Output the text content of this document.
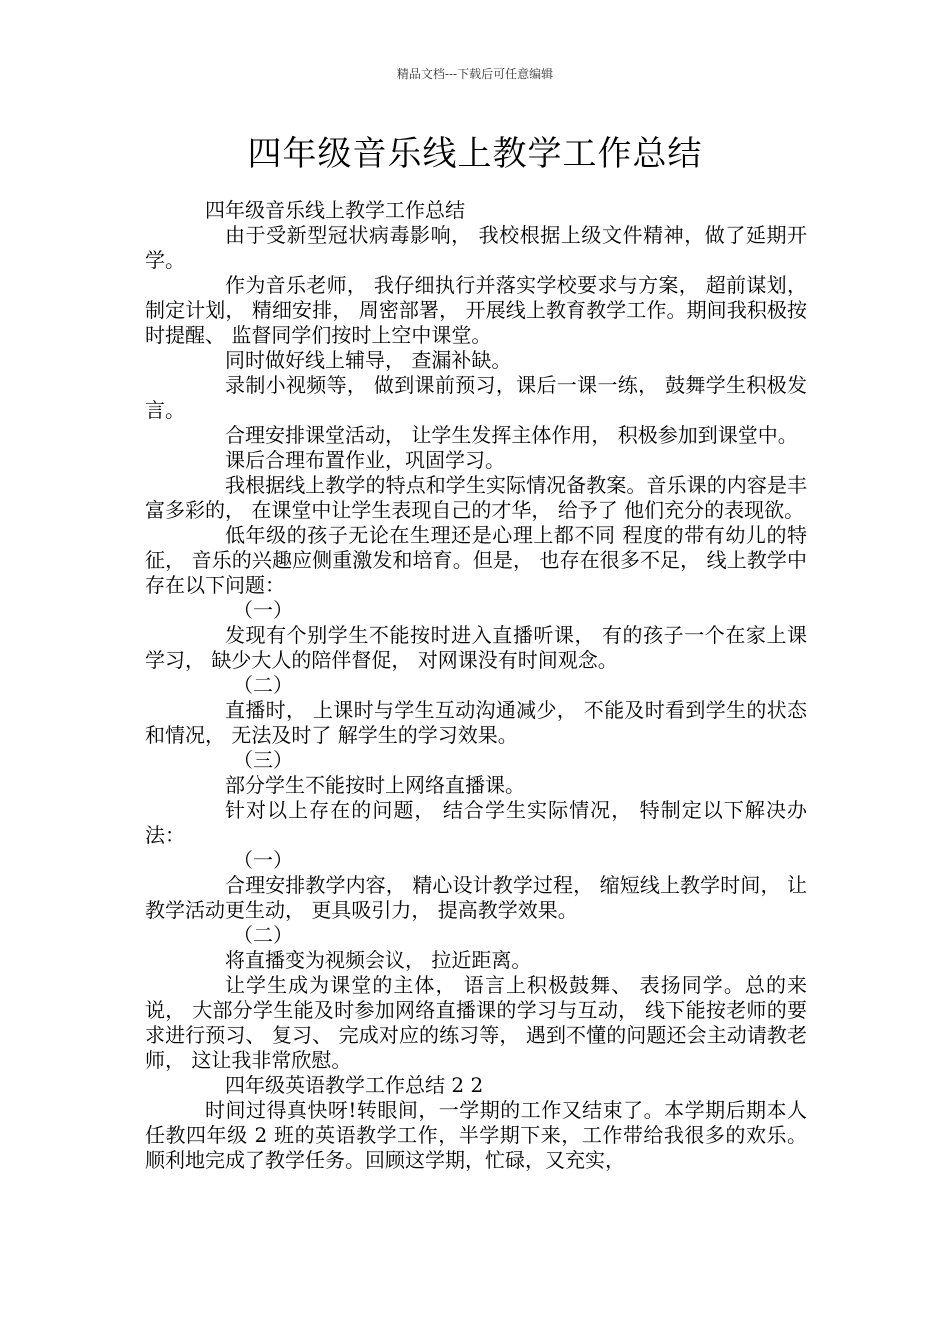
精品文档---下载后可任意编辑
四年级音乐线上教学工作总结

四年级音乐线上教学工作总结

由于受新型冠状病毒影响， 我校根据上级文件精神，做了延期开学。

作为音乐老师， 我仔细执行并落实学校要求与方案， 超前谋划， 制定计划， 精细安排， 周密部署， 开展线上教育教学工作。期间我积极按时提醒、 监督同学们按时上空中课堂。

同时做好线上辅导， 查漏补缺。

录制小视频等， 做到课前预习，课后一课一练， 鼓舞学生积极发言。

合理安排课堂活动， 让学生发挥主体作用， 积极参加到课堂中。

课后合理布置作业，巩固学习。

我根据线上教学的特点和学生实际情况备教案。音乐课的内容是丰富多彩的， 在课堂中让学生表现自己的才华， 给予了 他们充分的表现欲。

低年级的孩子无论在生理还是心理上都不同 程度的带有幼儿的特征， 音乐的兴趣应侧重激发和培育。但是， 也存在很多不足， 线上教学中存在以下问题：

（一）

发现有个别学生不能按时进入直播听课， 有的孩子一个在家上课学习， 缺少大人的陪伴督促， 对网课没有时间观念。

（二）

直播时， 上课时与学生互动沟通减少， 不能及时看到学生的状态和情况， 无法及时了 解学生的学习效果。

（三）

部分学生不能按时上网络直播课。

针对以上存在的问题， 结合学生实际情况， 特制定以下解决办法：

（一）

合理安排教学内容， 精心设计教学过程， 缩短线上教学时间， 让教学活动更生动， 更具吸引力， 提高教学效果。

（二）

将直播变为视频会议， 拉近距离。

让学生成为课堂的主体， 语言上积极鼓舞、 表扬同学。总的来说， 大部分学生能及时参加网络直播课的学习与互动， 线下能按老师的要求进行预习、 复习、 完成对应的练习等， 遇到不懂的问题还会主动请教老师， 这让我非常欣慰。

四年级英语教学工作总结 2 2

时间过得真快呀!转眼间，一学期的工作又结束了。本学期后期本人任教四年级 2 班的英语教学工作，半学期下来，工作带给我很多的欢乐。顺利地完成了教学任务。回顾这学期，忙碌，又充实，
